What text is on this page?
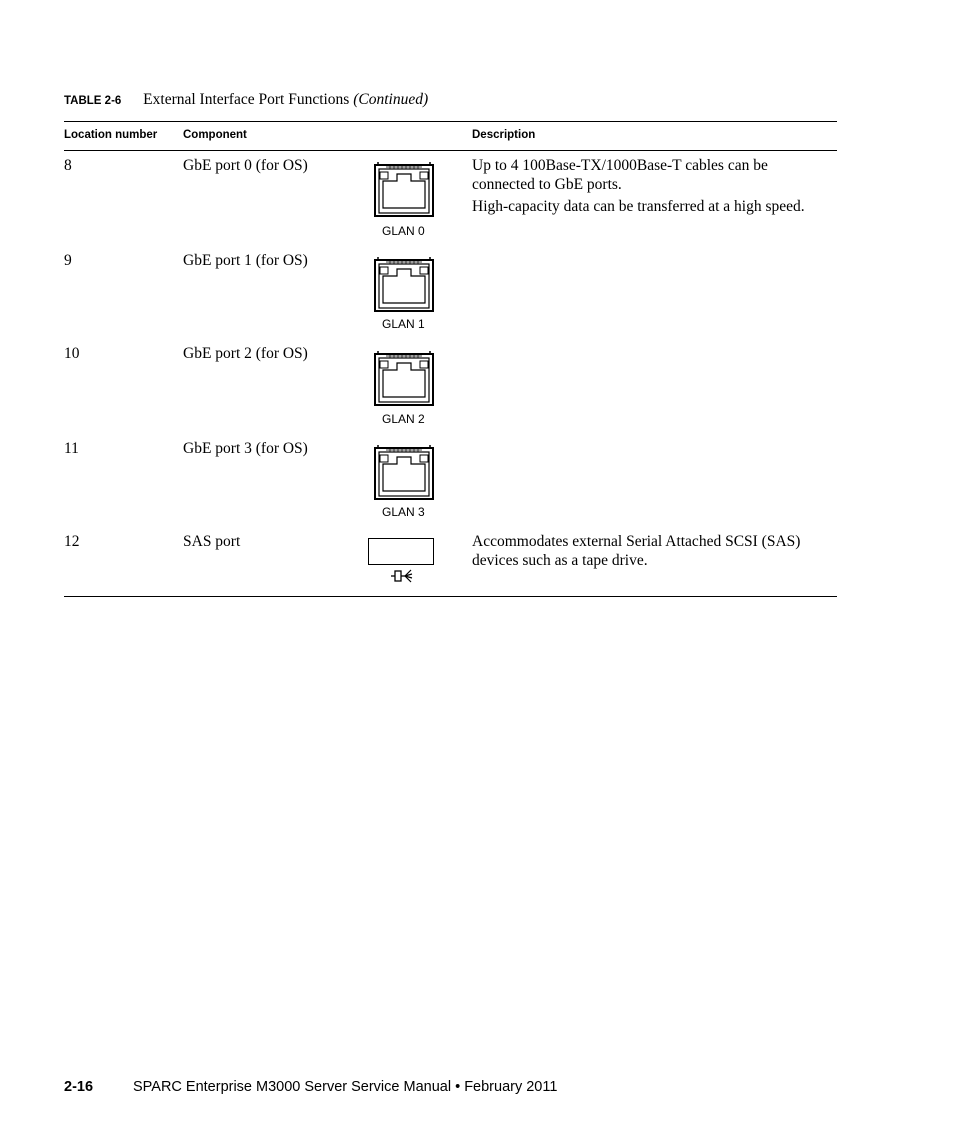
TABLE 2-6 External Interface Port Functions (Continued)
Location number Component	Description
8	GbE port 0 (for OS)
GLAN 0

Up to 4 100Base-TX/1000Base-T cables can be connected to GbE ports.

High-capacity data can be transferred at a high speed.

9	GbE port 1 (for OS)
GLAN 1
10	GbE port 2 (for OS)
GLAN 2
11	GbE port 3 (for OS)
GLAN 3
12	SAS port	Accommodates external Serial Attached SCSI (SAS) devices such as a tape drive.

2-16	SPARC Enterprise M3000 Server Service Manual • February 2011
